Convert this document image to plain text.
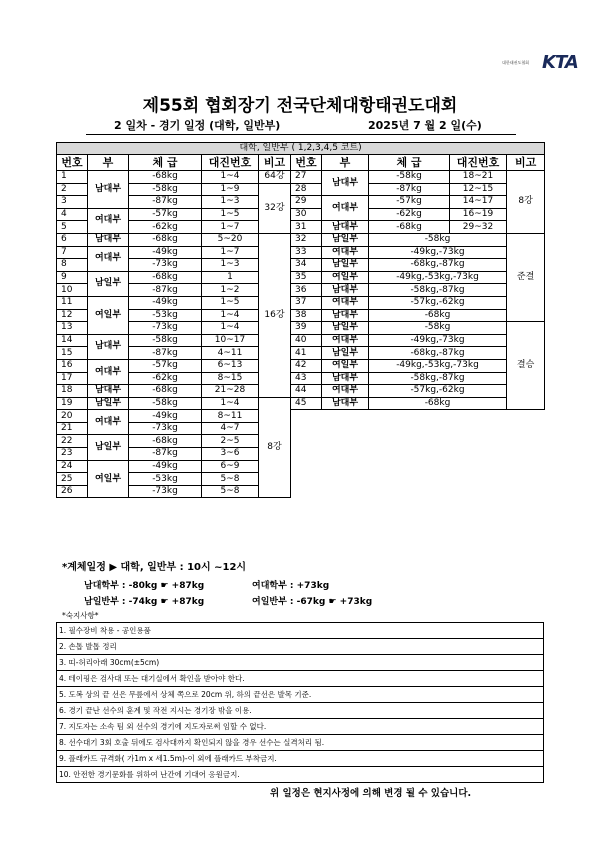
대한태권도협회 KTA
제55회 협회장기 전국단체대항태권도대회
2 일차 - 경기 일정 (대학, 일반부)	2025년 7 월 2 일(수)
대학, 일반부 ( 1,2,3,4,5 코트)									
번호	부	체 급	대진번호	비고	번호	부	체 급	대진번호	비고
1	남대부	-68kg	1~4	64강	27	남대부	-58kg	18~21	8강
2		-58kg	1~9	32강	28		-87kg	12~15	
3		-87kg	1~3		29	여대부	-57kg	14~17	
4	여대부	-57kg	1~5		30		-62kg	16~19	
5		-62kg	1~7		31	남대부	-68kg	29~32	
6	남대부	-68kg	5~20	16강	32	남일부	-58kg		준결
7	여대부	-49kg	1~7		33	여대부	-49kg,-73kg		
8		-73kg	1~3		34	남일부	-68kg,-87kg		
9	남일부	-68kg	1		35	여일부	-49kg,-53kg,-73kg		
10		-87kg	1~2		36	남대부	-58kg,-87kg		
11	여일부	-49kg	1~5		37	여대부	-57kg,-62kg		
12		-53kg	1~4		38	남대부	-68kg		
13		-73kg	1~4		39	남일부	-58kg		결승
14	남대부	-58kg	10~17		40	여대부	-49kg,-73kg		
15		-87kg	4~11		41	남일부	-68kg,-87kg		
16	여대부	-57kg	6~13		42	여일부	-49kg,-53kg,-73kg		
17		-62kg	8~15		43	남대부	-58kg,-87kg		
18	남대부	-68kg	21~28		44	여대부	-57kg,-62kg		
19	남일부	-58kg	1~4	8강	45	남대부	-68kg		
20	여대부	-49kg	8~11						
21		-73kg	4~7						
22	남일부	-68kg	2~5						
23		-87kg	3~6						
24	여일부	-49kg	6~9						
25		-53kg	5~8						
26		-73kg	5~8						
*계체일정 ▶ 대학, 일반부 : 10시 ~12시
남대학부 : -80kg ☛ +87kg	여대학부 : +73kg
남일반부 : -74kg ☛ +87kg	여일반부 : -67kg ☛ +73kg
*숙지사항*
1. 필수장비 착용 - 공인용품
2. 손톱 발톱 정리
3. 띠-허리아래 30cm(±5cm)
4. 테이핑은 검사대 또는 대기실에서 확인을 받아야 한다.
5. 도복 상의 끝 선은 무릎에서 상체 쪽으로 20cm 위, 하의 끝선은 발목 기준.
6. 경기 끝난 선수의 훈계 및 작전 지시는 경기장 밖을 이용.
7. 지도자는 소속 팀 외 선수의 경기에 지도자로써 임할 수 없다.
8. 선수대기 3회 호출 뒤에도 검사대까지 확인되지 않을 경우 선수는 실격처리 됨.
9. 플래카드 규격화( 가1m x 세1.5m)-이 외에 플래카드 부착금지.
10. 안전한 경기문화를 위하여 난간에 기대어 응원금지.
위 일정은 현지사정에 의해 변경 될 수 있습니다.
